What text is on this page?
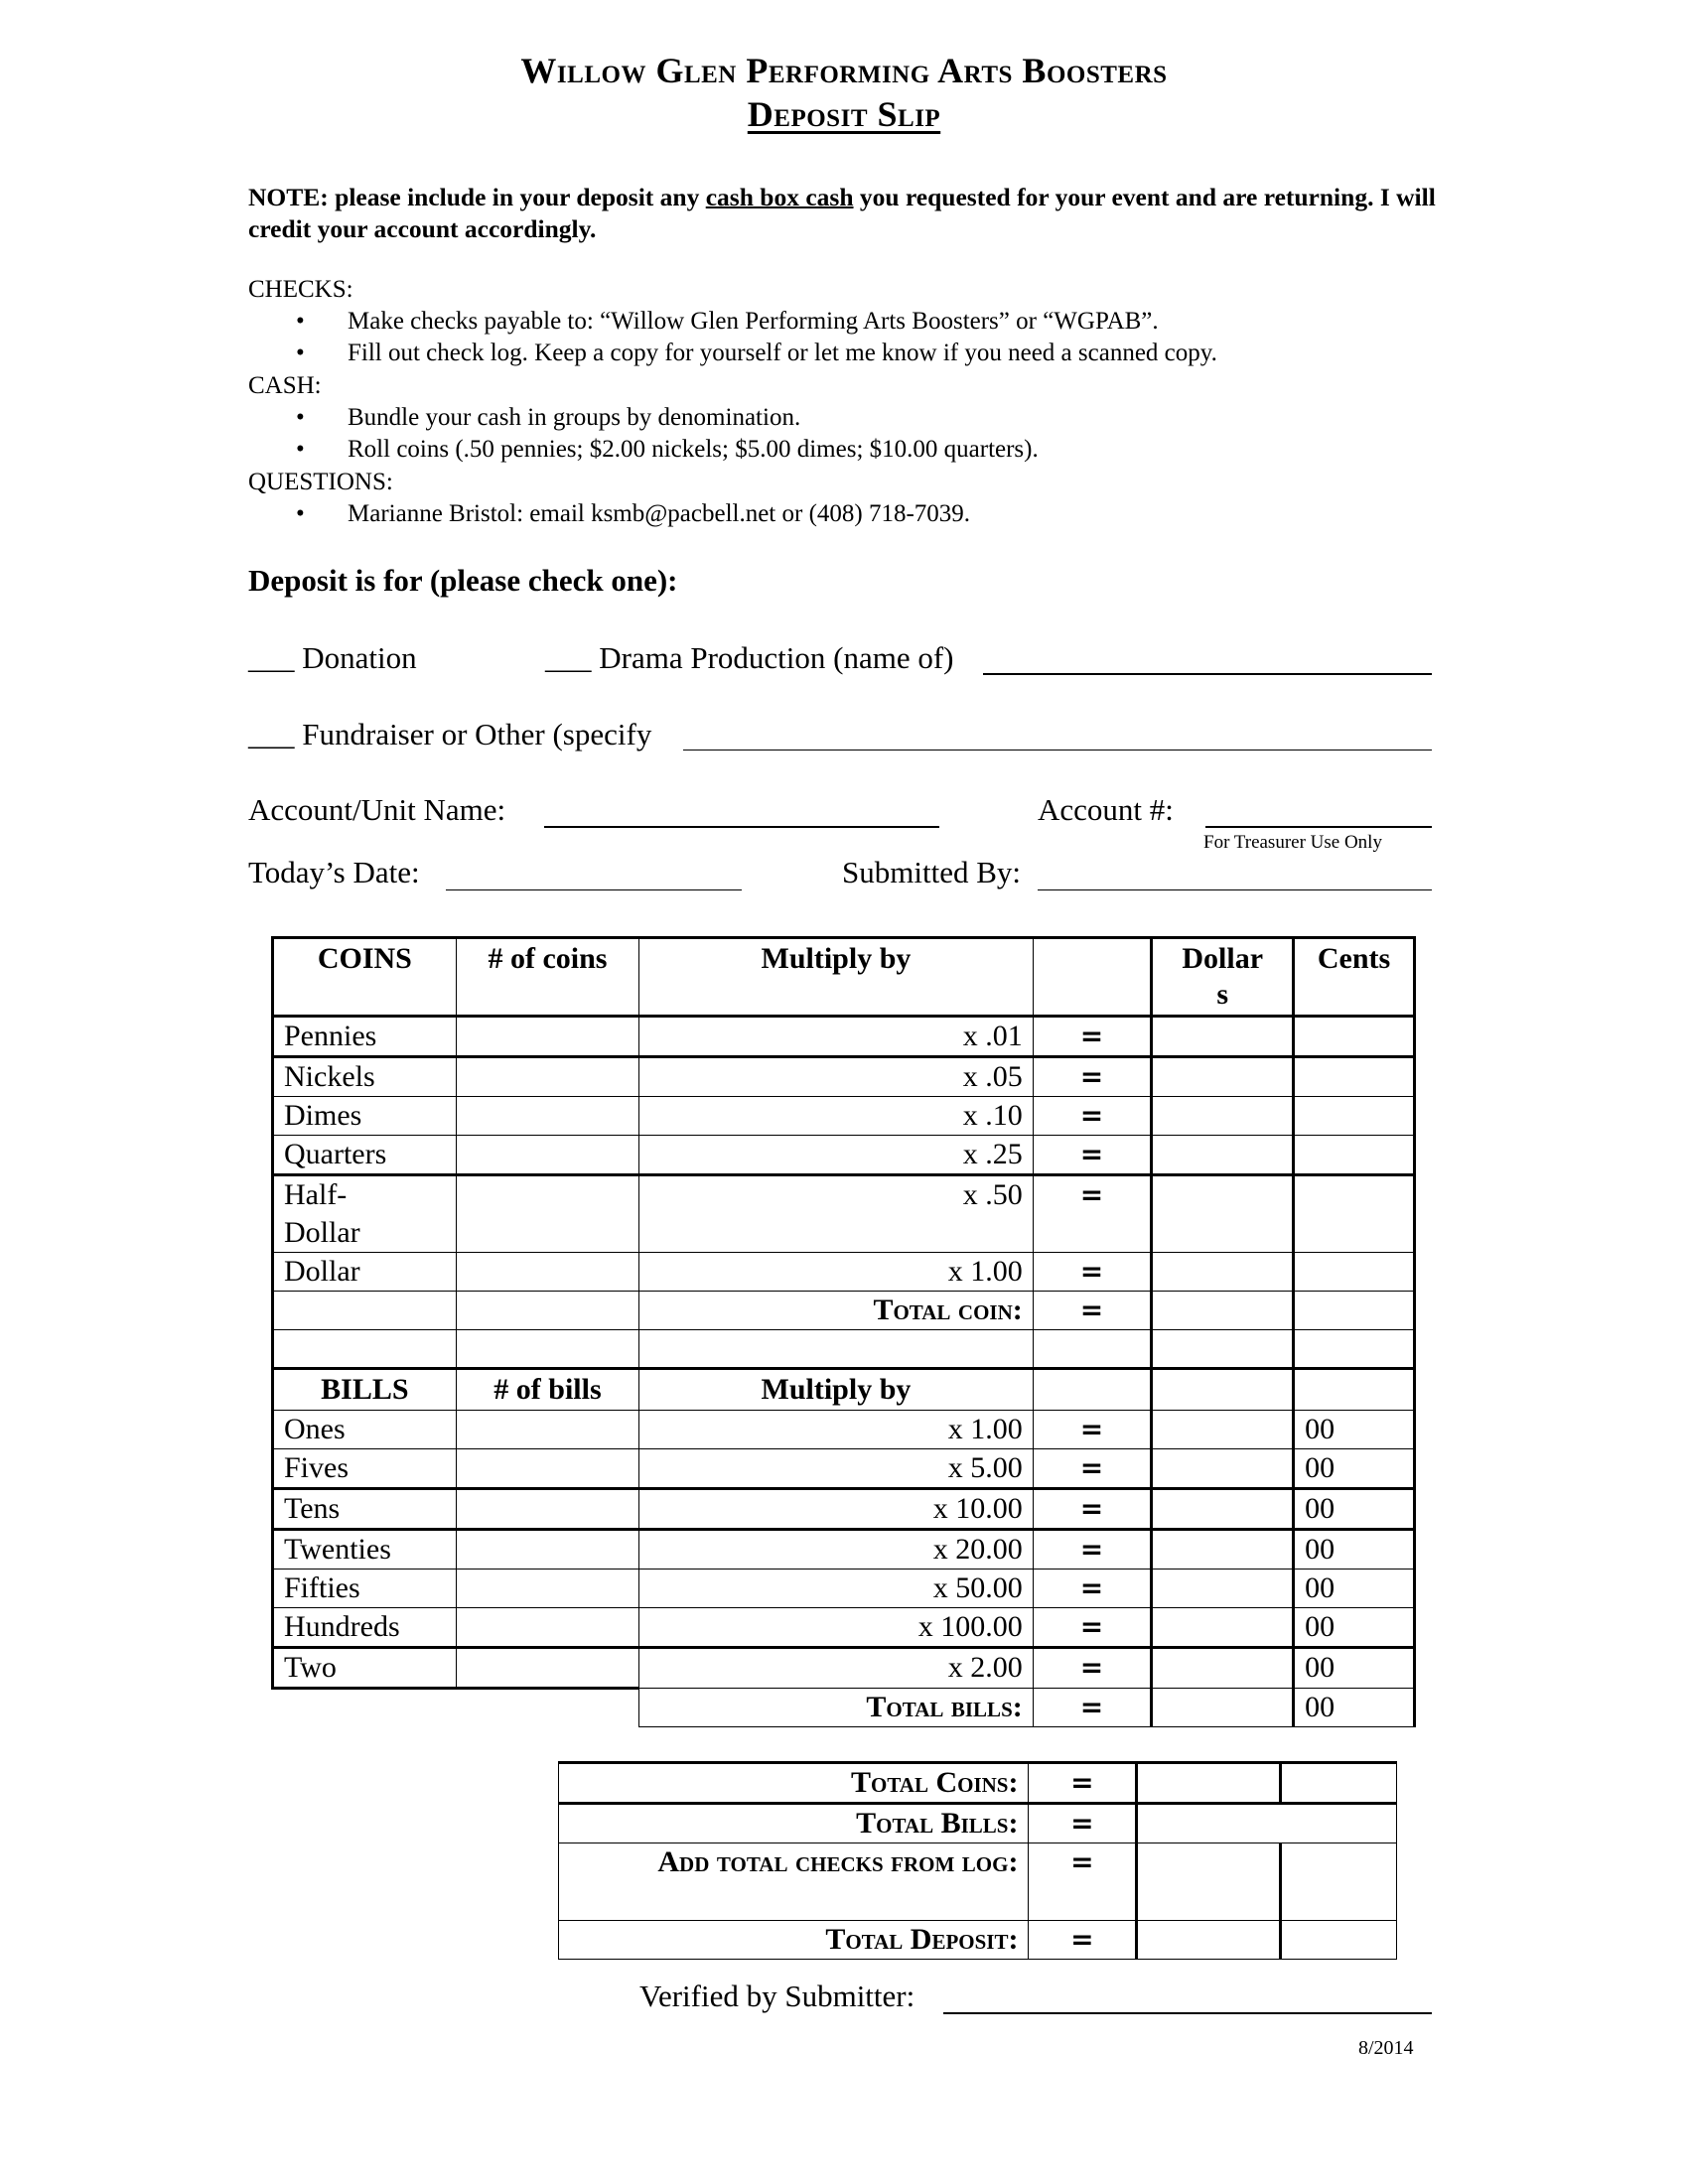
Willow Glen Performing Arts Boosters
Deposit Slip
NOTE: please include in your deposit any cash box cash you requested for your event and are returning. I will credit your account accordingly.
CHECKS:
• Make checks payable to: “Willow Glen Performing Arts Boosters” or “WGPAB”.
• Fill out check log. Keep a copy for yourself or let me know if you need a scanned copy.
CASH:
• Bundle your cash in groups by denomination.
• Roll coins (.50 pennies; $2.00 nickels; $5.00 dimes; $10.00 quarters).
QUESTIONS:
• Marianne Bristol: email ksmb@pacbell.net or (408) 718-7039.
Deposit is for (please check one):
___ Donation	___ Drama Production (name of)
___ Fundraiser or Other (specify
Account/Unit Name:	Account #:
For Treasurer Use Only
Today’s Date:	Submitted By:
COINS	# of coins	Multiply by		Dollar
s	Cents
Pennies		x .01	=		
Nickels		x .05	=		
Dimes		x .10	=		
Quarters		x .25	=		
Half-
Dollar		x .50	=		
Dollar		x 1.00	=		
		Total coin:	=		

BILLS	# of bills	Multiply by			
Ones		x 1.00	=		00
Fives		x 5.00	=		00
Tens		x 10.00	=		00
Twenties		x 20.00	=		00
Fifties		x 50.00	=		00
Hundreds		x 100.00	=		00
Two		x 2.00	=		00
		Total bills:	=		00
Total Coins:	=		
Total Bills:	=		
Add total checks from log:	=		
Total Deposit:	=		
Verified by Submitter:
8/2014
